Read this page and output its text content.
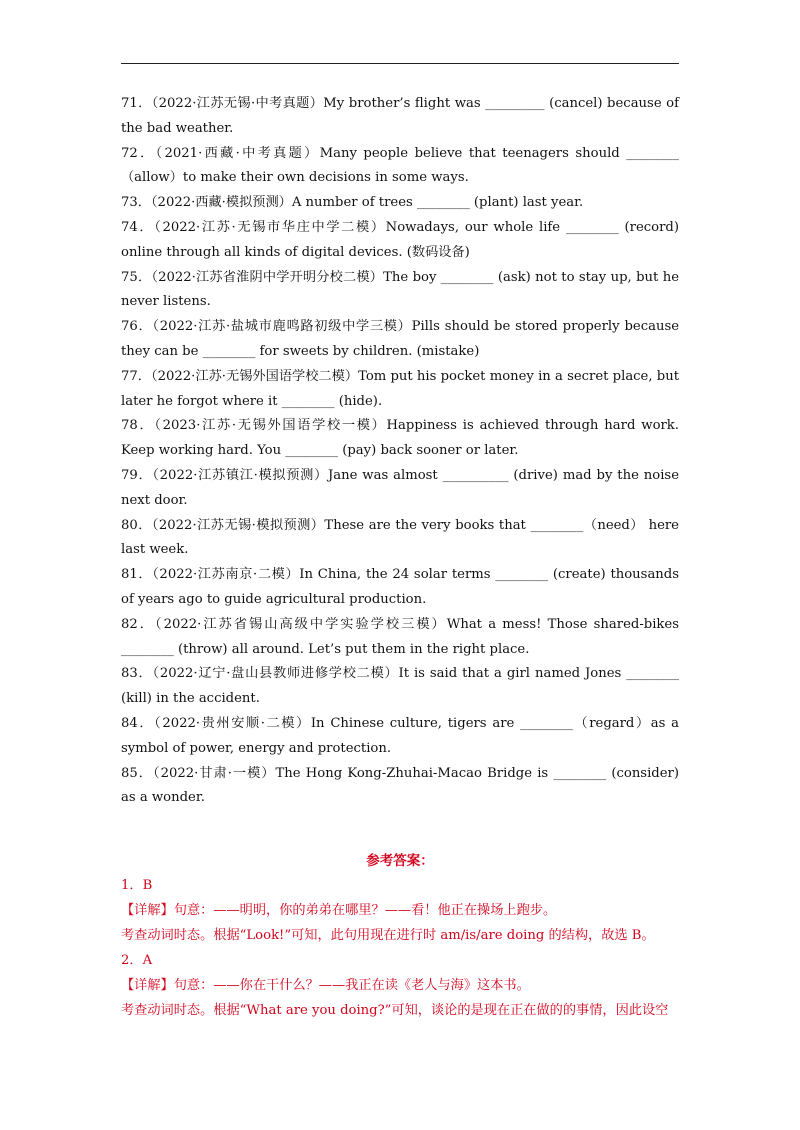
71．（2022·江苏无锡·中考真题）My brother’s flight was _________ (cancel) because of the bad weather.
72．（2021·西藏·中考真题）Many people believe that teenagers should ________（allow）to make their own decisions in some ways.
73．（2022·西藏·模拟预测）A number of trees ________ (plant) last year.
74．（2022·江苏·无锡市华庄中学二模）Nowadays, our whole life ________ (record) online through all kinds of digital devices. (数码设备)
75．（2022·江苏省淮阴中学开明分校二模）The boy ________ (ask) not to stay up, but he never listens.
76．（2022·江苏·盐城市鹿鸣路初级中学三模）Pills should be stored properly because they can be ________ for sweets by children. (mistake)
77．（2022·江苏·无锡外国语学校二模）Tom put his pocket money in a secret place, but later he forgot where it ________ (hide).
78．（2023·江苏·无锡外国语学校一模）Happiness is achieved through hard work. Keep working hard. You ________ (pay) back sooner or later.
79．（2022·江苏镇江·模拟预测）Jane was almost __________ (drive) mad by the noise next door.
80．（2022·江苏无锡·模拟预测）These are the very books that ________（need） here last week.
81．（2022·江苏南京·二模）In China, the 24 solar terms ________ (create) thousands of years ago to guide agricultural production.
82．（2022·江苏省锡山高级中学实验学校三模）What a mess! Those shared-bikes ________ (throw) all around. Let’s put them in the right place.
83．（2022·辽宁·盘山县教师进修学校二模）It is said that a girl named Jones ________ (kill) in the accident.
84．（2022·贵州安顺·二模）In Chinese culture, tigers are ________（regard）as a symbol of power, energy and protection.
85．（2022·甘肃·一模）The Hong Kong-Zhuhai-Macao Bridge is ________ (consider) as a wonder.
参考答案：
1．B
【详解】句意：——明明，你的弟弟在哪里？——看！他正在操场上跑步。
考查动词时态。根据“Look!”可知，此句用现在进行时 am/is/are doing 的结构，故选 B。
2．A
【详解】句意：——你在干什么？——我正在读《老人与海》这本书。
考查动词时态。根据“What are you doing?”可知，谈论的是现在正在做的的事情，因此设空
